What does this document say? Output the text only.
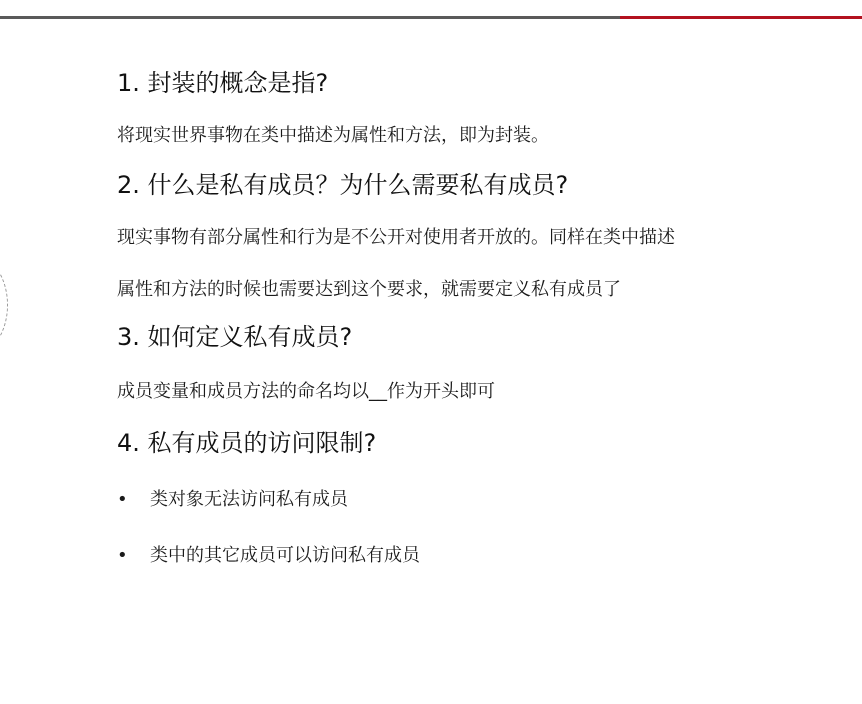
1. 封装的概念是指?

将现实世界事物在类中描述为属性和方法，即为封装。

2. 什么是私有成员？为什么需要私有成员?

现实事物有部分属性和行为是不公开对使用者开放的。同样在类中描述

属性和方法的时候也需要达到这个要求，就需要定义私有成员了

3. 如何定义私有成员?

成员变量和成员方法的命名均以__作为开头即可

4. 私有成员的访问限制?
• 类对象无法访问私有成员
• 类中的其它成员可以访问私有成员
